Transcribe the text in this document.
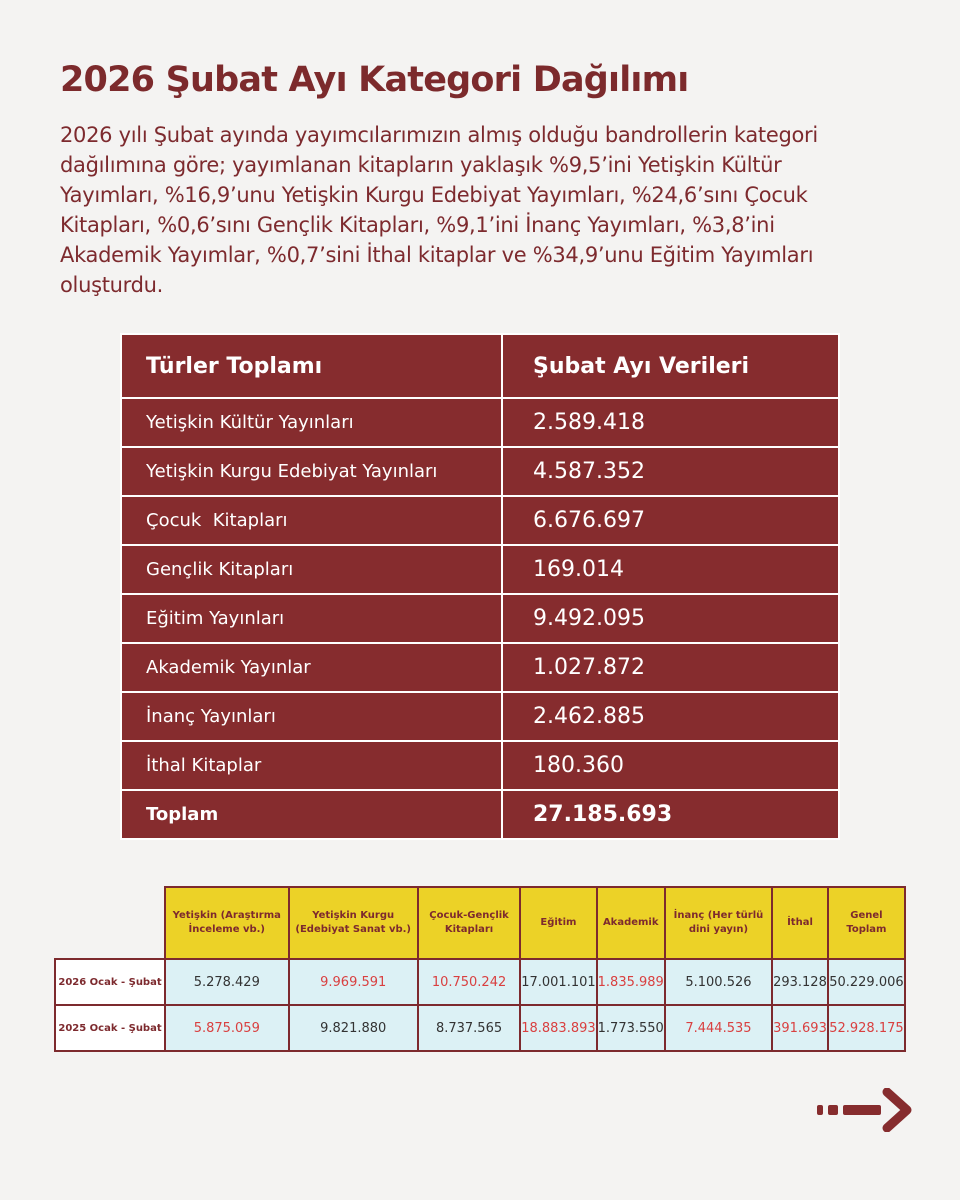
2026 Şubat Ayı Kategori Dağılımı

2026 yılı Şubat ayında yayımcılarımızın almış olduğu bandrollerin kategori dağılımına göre; yayımlanan kitapların yaklaşık %9,5’ini Yetişkin Kültür Yayımları, %16,9’unu Yetişkin Kurgu Edebiyat Yayımları, %24,6’sını Çocuk Kitapları, %0,6’sını Gençlik Kitapları, %9,1’ini İnanç Yayımları, %3,8’ini Akademik Yayımlar, %0,7’sini İthal kitaplar ve %34,9’unu Eğitim Yayımları oluşturdu.

Türler Toplamı	Şubat Ayı Verileri
Yetişkin Kültür Yayınları	2.589.418
Yetişkin Kurgu Edebiyat Yayınları	4.587.352
Çocuk  Kitapları	6.676.697
Gençlik Kitapları	169.014
Eğitim Yayınları	9.492.095
Akademik Yayınlar	1.027.872
İnanç Yayınları	2.462.885
İthal Kitaplar	180.360
Toplam	27.185.693
	Yetişkin (Araştırma İnceleme vb.)	Yetişkin Kurgu (Edebiyat Sanat vb.)	Çocuk-Gençlik Kitapları	Eğitim	Akademik	İnanç (Her türlü dini yayın)	İthal	Genel Toplam
2026 Ocak - Şubat	5.278.429	9.969.591	10.750.242	17.001.101	1.835.989	5.100.526	293.128	50.229.006
2025 Ocak - Şubat	5.875.059	9.821.880	8.737.565	18.883.893	1.773.550	7.444.535	391.693	52.928.175
